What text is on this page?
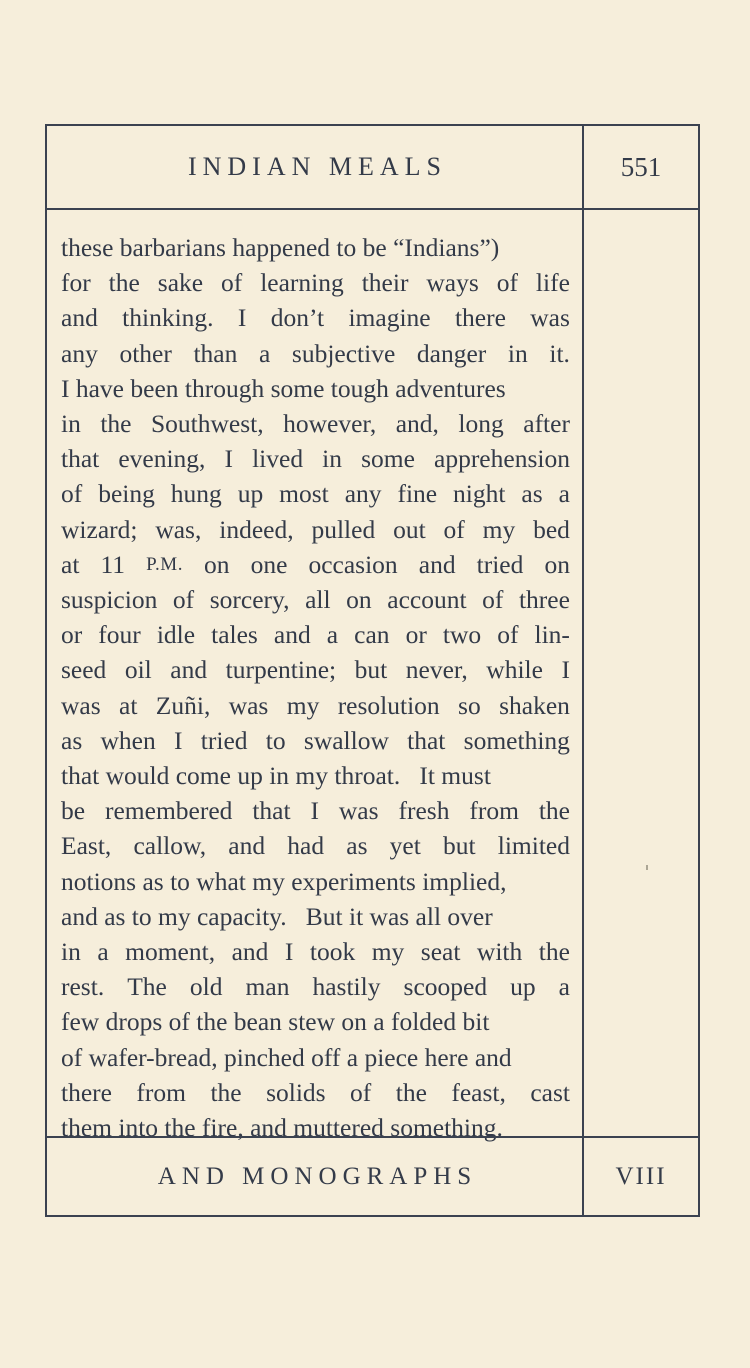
INDIAN MEALS	551
these barbarians happened to be “Indians”)
for the sake of learning their ways of life
and thinking. I don’t imagine there was
any other than a subjective danger in it.
I have been through some tough adventures
in the Southwest, however, and, long after
that evening, I lived in some apprehension
of being hung up most any fine night as a
wizard; was, indeed, pulled out of my bed
at 11 P.M. on one occasion and tried on
suspicion of sorcery, all on account of three
or four idle tales and a can or two of lin-
seed oil and turpentine; but never, while I
was at Zuñi, was my resolution so shaken
as when I tried to swallow that something
that would come up in my throat.   It must
be remembered that I was fresh from the
East, callow, and had as yet but limited
notions as to what my experiments implied,
and as to my capacity.   But it was all over
in a moment, and I took my seat with the
rest. The old man hastily scooped up a
few drops of the bean stew on a folded bit
of wafer-bread, pinched off a piece here and
there from the solids of the feast, cast
them into the fire, and muttered something.
AND MONOGRAPHS	VIII
